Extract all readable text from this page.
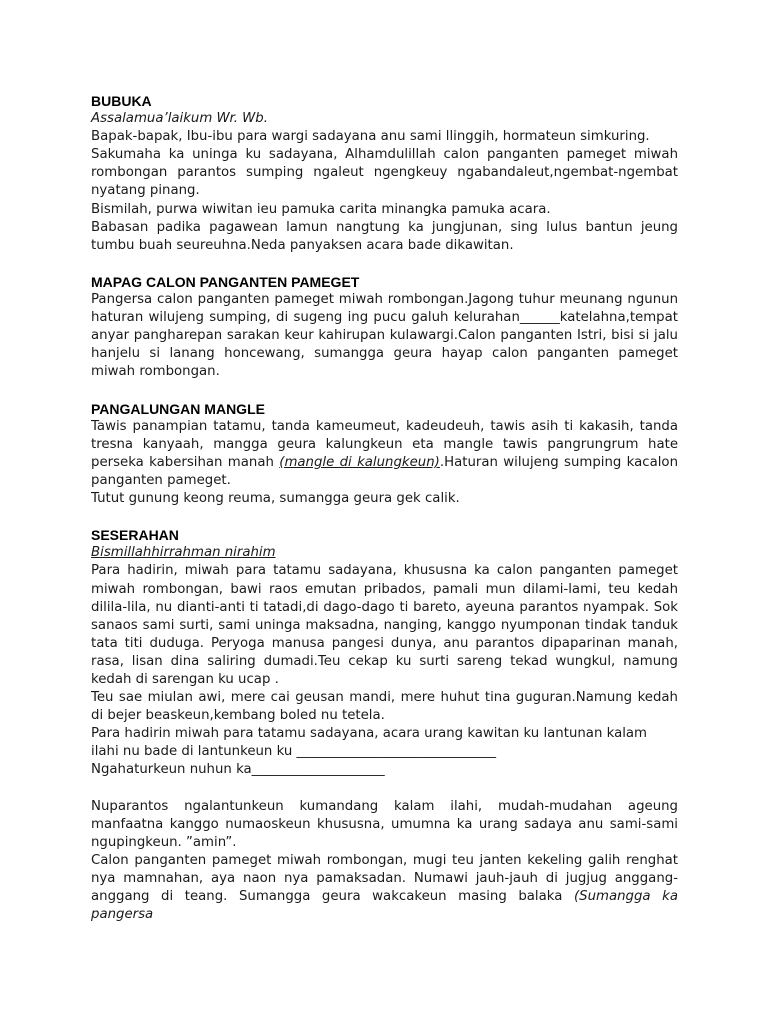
BUBUKA

Assalamua’laikum Wr. Wb.

Bapak-bapak, Ibu-ibu para wargi sadayana anu sami llinggih, hormateun simkuring.

Sakumaha ka uninga ku sadayana, Alhamdulillah calon panganten pameget miwah rombongan parantos sumping ngaleut ngengkeuy ngabandaleut,ngembat-ngembat nyatang pinang.

Bismilah, purwa wiwitan ieu pamuka carita minangka pamuka acara.

Babasan padika pagawean lamun nangtung ka jungjunan, sing lulus bantun jeung tumbu buah seureuhna.Neda panyaksen acara bade dikawitan.

MAPAG CALON PANGANTEN PAMEGET

Pangersa calon panganten pameget miwah rombongan.Jagong tuhur meunang ngunun haturan wilujeng sumping, di sugeng ing pucu galuh kelurahan______katelahna,tempat anyar pangharepan sarakan keur kahirupan kulawargi.Calon panganten Istri, bisi si jalu hanjelu si lanang honcewang, sumangga geura hayap calon panganten pameget miwah rombongan.

PANGALUNGAN MANGLE

Tawis panampian tatamu, tanda kameumeut, kadeudeuh, tawis asih ti kakasih, tanda tresna kanyaah, mangga geura kalungkeun eta mangle tawis pangrungrum hate perseka kabersihan manah (mangle di kalungkeun).Haturan wilujeng sumping kacalon panganten pameget.

Tutut gunung keong reuma, sumangga geura gek calik.

SESERAHAN

Bismillahhirrahman nirahim

Para hadirin, miwah para tatamu sadayana, khususna ka calon panganten pameget miwah rombongan, bawi raos emutan pribados, pamali mun dilami-lami, teu kedah dilila-lila, nu dianti-anti ti tatadi,di dago-dago ti bareto, ayeuna parantos nyampak. Sok sanaos sami surti, sami uninga maksadna, nanging, kanggo nyumponan tindak tanduk tata titi duduga. Peryoga manusa pangesi dunya, anu parantos dipaparinan manah, rasa, lisan dina saliring dumadi.Teu cekap ku surti sareng tekad wungkul, namung kedah di sarengan ku ucap .

Teu sae miulan awi, mere cai geusan mandi, mere huhut tina guguran.Namung kedah di bejer beaskeun,kembang boled nu tetela.

Para hadirin miwah para tatamu sadayana, acara urang kawitan ku lantunan kalam ilahi nu bade di lantunkeun ku ______________________________

Ngahaturkeun nuhun ka____________________

Nuparantos ngalantunkeun kumandang kalam ilahi, mudah-mudahan ageung manfaatna kanggo numaoskeun khususna, umumna ka urang sadaya anu sami-sami ngupingkeun. ”amin”.

Calon panganten pameget miwah rombongan, mugi teu janten kekeling galih renghat nya mamnahan, aya naon nya pamaksadan. Numawi jauh-jauh di jugjug anggang-anggang di teang. Sumangga geura wakcakeun masing balaka (Sumangga ka pangersa
